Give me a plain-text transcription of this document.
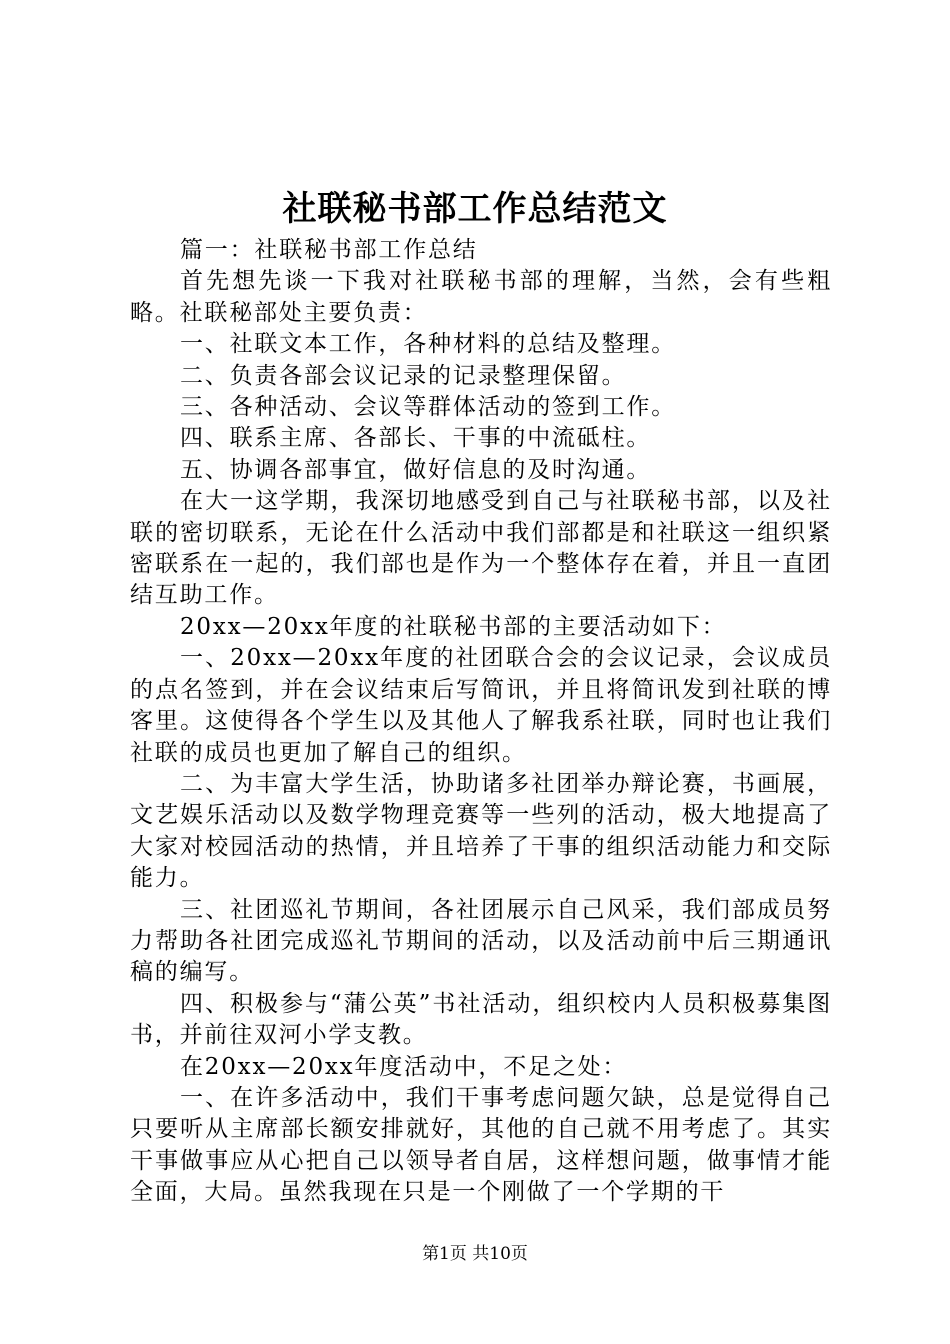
社联秘书部工作总结范文

篇一：社联秘书部工作总结

首先想先谈一下我对社联秘书部的理解，当然，会有些粗略。社联秘部处主要负责：

一、社联文本工作，各种材料的总结及整理。

二、负责各部会议记录的记录整理保留。

三、各种活动、会议等群体活动的签到工作。

四、联系主席、各部长、干事的中流砥柱。

五、协调各部事宜，做好信息的及时沟通。

在大一这学期，我深切地感受到自己与社联秘书部，以及社联的密切联系，无论在什么活动中我们部都是和社联这一组织紧密联系在一起的，我们部也是作为一个整体存在着，并且一直团结互助工作。

20xx—20xx年度的社联秘书部的主要活动如下：

一、20xx—20xx年度的社团联合会的会议记录，会议成员的点名签到，并在会议结束后写简讯，并且将简讯发到社联的博客里。这使得各个学生以及其他人了解我系社联，同时也让我们社联的成员也更加了解自己的组织。

二、为丰富大学生活，协助诸多社团举办辩论赛，书画展，文艺娱乐活动以及数学物理竞赛等一些列的活动，极大地提高了大家对校园活动的热情，并且培养了干事的组织活动能力和交际能力。

三、社团巡礼节期间，各社团展示自己风采，我们部成员努力帮助各社团完成巡礼节期间的活动，以及活动前中后三期通讯稿的编写。

四、积极参与“蒲公英”书社活动，组织校内人员积极募集图书，并前往双河小学支教。

在20xx—20xx年度活动中，不足之处：

一、在许多活动中，我们干事考虑问题欠缺，总是觉得自己只要听从主席部长额安排就好，其他的自己就不用考虑了。其实干事做事应从心把自己以领导者自居，这样想问题，做事情才能全面，大局。虽然我现在只是一个刚做了一个学期的干

第1页 共10页
